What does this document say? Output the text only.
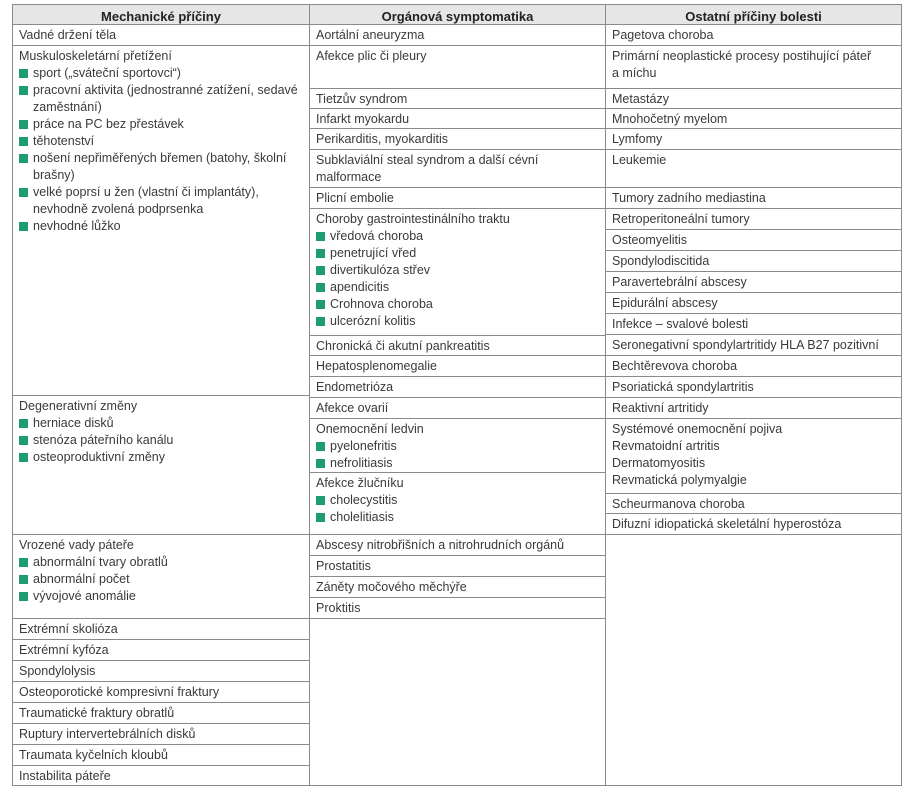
Mechanické příčiny
Vadné držení těla
Muskuloskeletární přetížení
sport („sváteční sportovci“)
pracovní aktivita (jednostranné zatížení, sedavé
zaměstnání)
práce na PC bez přestávek
těhotenství
nošení nepřiměřených břemen (batohy, školní
brašny)
velké poprsí u žen (vlastní či implantáty),
nevhodně zvolená podprsenka
nevhodné lůžko
Degenerativní změny
herniace disků
stenóza páteřního kanálu
osteoproduktivní změny
Vrozené vady páteře
abnormální tvary obratlů
abnormální počet
vývojové anomálie
Extrémní skolióza
Extrémní kyfóza
Spondylolysis
Osteoporotické kompresivní fraktury
Traumatické fraktury obratlů
Ruptury intervertebrálních disků
Traumata kyčelních kloubů
Instabilita páteře
Orgánová symptomatika
Aortální aneuryzma
Afekce plic či pleury
Tietzův syndrom
Infarkt myokardu
Perikarditis, myokarditis
Subklaviální steal syndrom a další cévní
malformace
Plicní embolie
Choroby gastrointestinálního traktu
vředová choroba
penetrující vřed
divertikulóza střev
apendicitis
Crohnova choroba
ulcerózní kolitis
Chronická či akutní pankreatitis
Hepatosplenomegalie
Endometrióza
Afekce ovarií
Onemocnění ledvin
pyelonefritis
nefrolitiasis
Afekce žlučníku
cholecystitis
cholelitiasis
Abscesy nitrobřišních a nitrohrudních orgánů
Prostatitis
Záněty močového měchýře
Proktitis
Ostatní příčiny bolesti
Pagetova choroba
Primární neoplastické procesy postihující páteř
a míchu
Metastázy
Mnohočetný myelom
Lymfomy
Leukemie
Tumory zadního mediastina
Retroperitoneální tumory
Osteomyelitis
Spondylodiscitida
Paravertebrální abscesy
Epidurální abscesy
Infekce – svalové bolesti
Seronegativní spondylartritidy HLA B27 pozitivní
Bechtěrevova choroba
Psoriatická spondylartritis
Reaktivní artritidy
Systémové onemocnění pojiva
Revmatoidní artritis
Dermatomyositis
Revmatická polymyalgie
Scheurmanova choroba
Difuzní idiopatická skeletální hyperostóza
